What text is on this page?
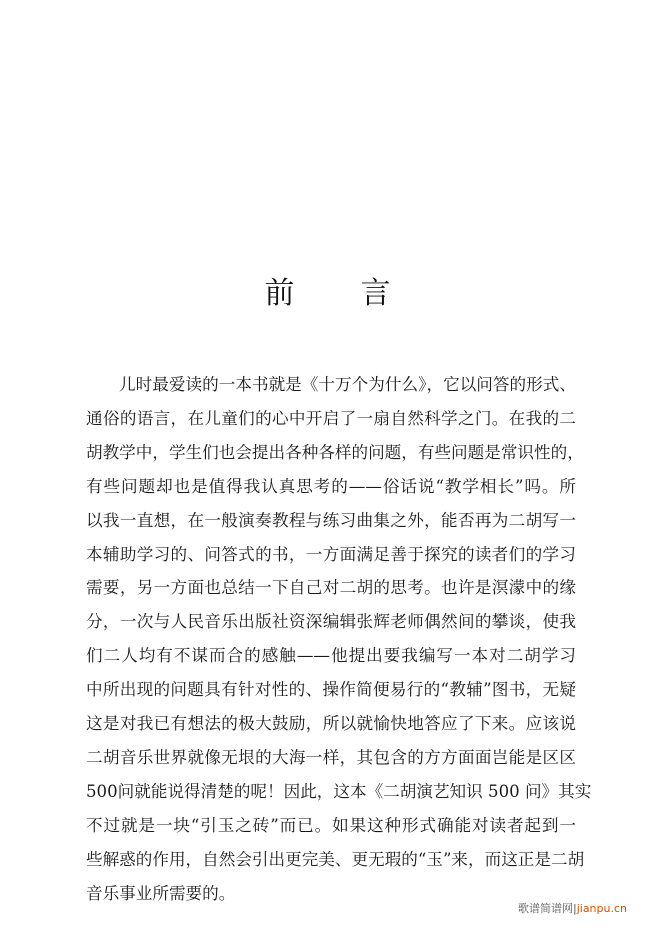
前 言
儿时最爱读的一本书就是《十万个为什么》，它以问答的形式、
通俗的语言，在儿童们的心中开启了一扇自然科学之门。在我的二
胡教学中，学生们也会提出各种各样的问题，有些问题是常识性的，
有些问题却也是值得我认真思考的——俗话说“教学相长”吗。所
以我一直想，在一般演奏教程与练习曲集之外，能否再为二胡写一
本辅助学习的、问答式的书，一方面满足善于探究的读者们的学习
需要，另一方面也总结一下自己对二胡的思考。也许是溟濛中的缘
分，一次与人民音乐出版社资深编辑张辉老师偶然间的攀谈，使我
们二人均有不谋而合的感触——他提出要我编写一本对二胡学习
中所出现的问题具有针对性的、操作简便易行的“教辅”图书，无疑
这是对我已有想法的极大鼓励，所以就愉快地答应了下来。应该说
二胡音乐世界就像无垠的大海一样，其包含的方方面面岂能是区区
500问就能说得清楚的呢！因此，这本《二胡演艺知识 500 问》其实
不过就是一块“引玉之砖”而已。如果这种形式确能对读者起到一
些解惑的作用，自然会引出更完美、更无瑕的“玉”来，而这正是二胡
音乐事业所需要的。
歌谱简谱网|jianpu.cn
